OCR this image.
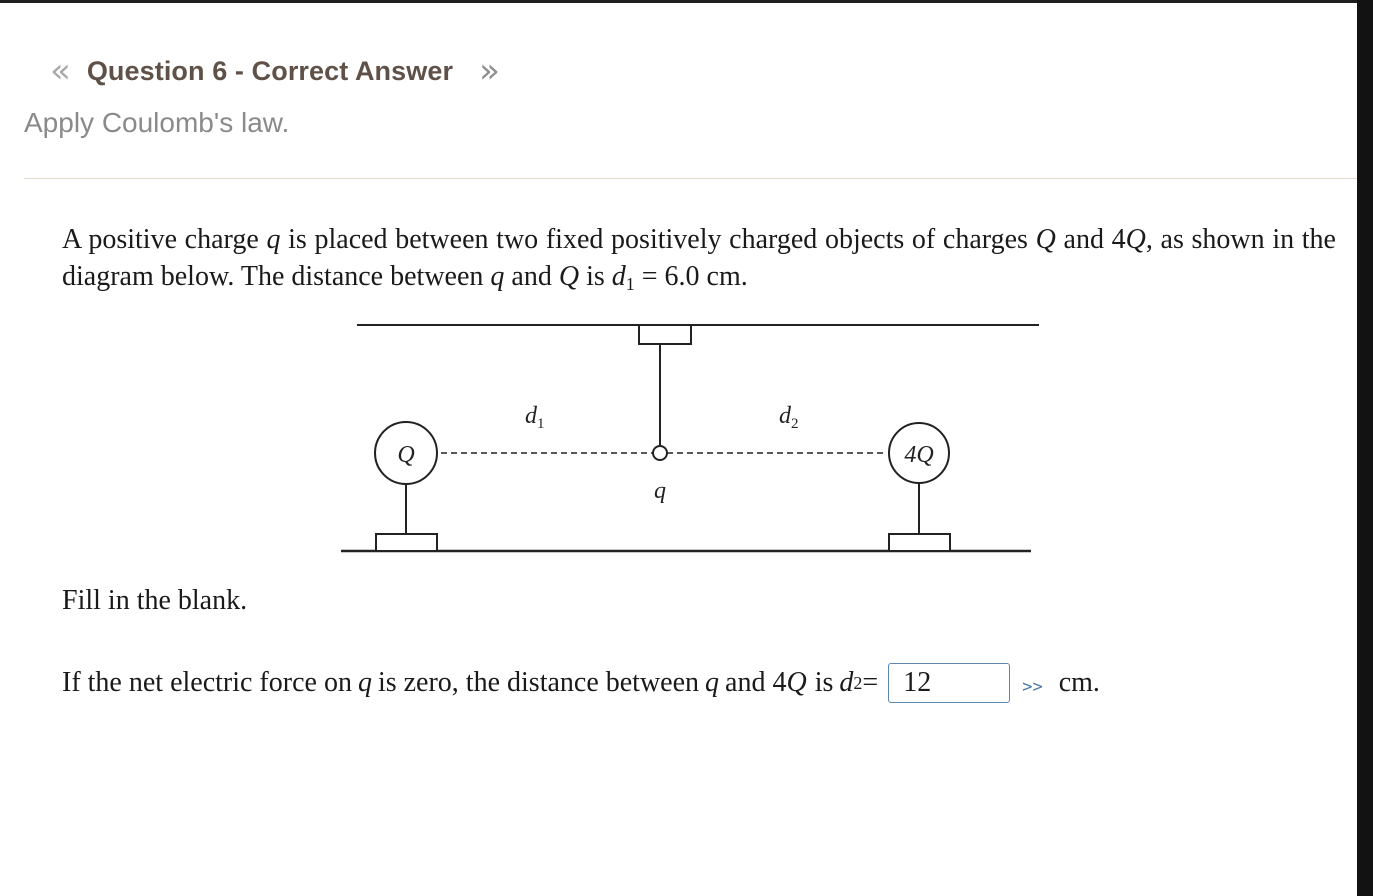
« Question 6 - Correct Answer »
Apply Coulomb's law.
A positive charge q is placed between two fixed positively charged objects of charges Q and 4Q, as shown in the diagram below. The distance between q and Q is $d_1 = 6.0$ cm.
Q	4Q
q
$d_1$	$d_2$
Fill in the blank.
If the net electric force on q is zero, the distance between q and 4 Q is d 2 = 12	>> cm.
